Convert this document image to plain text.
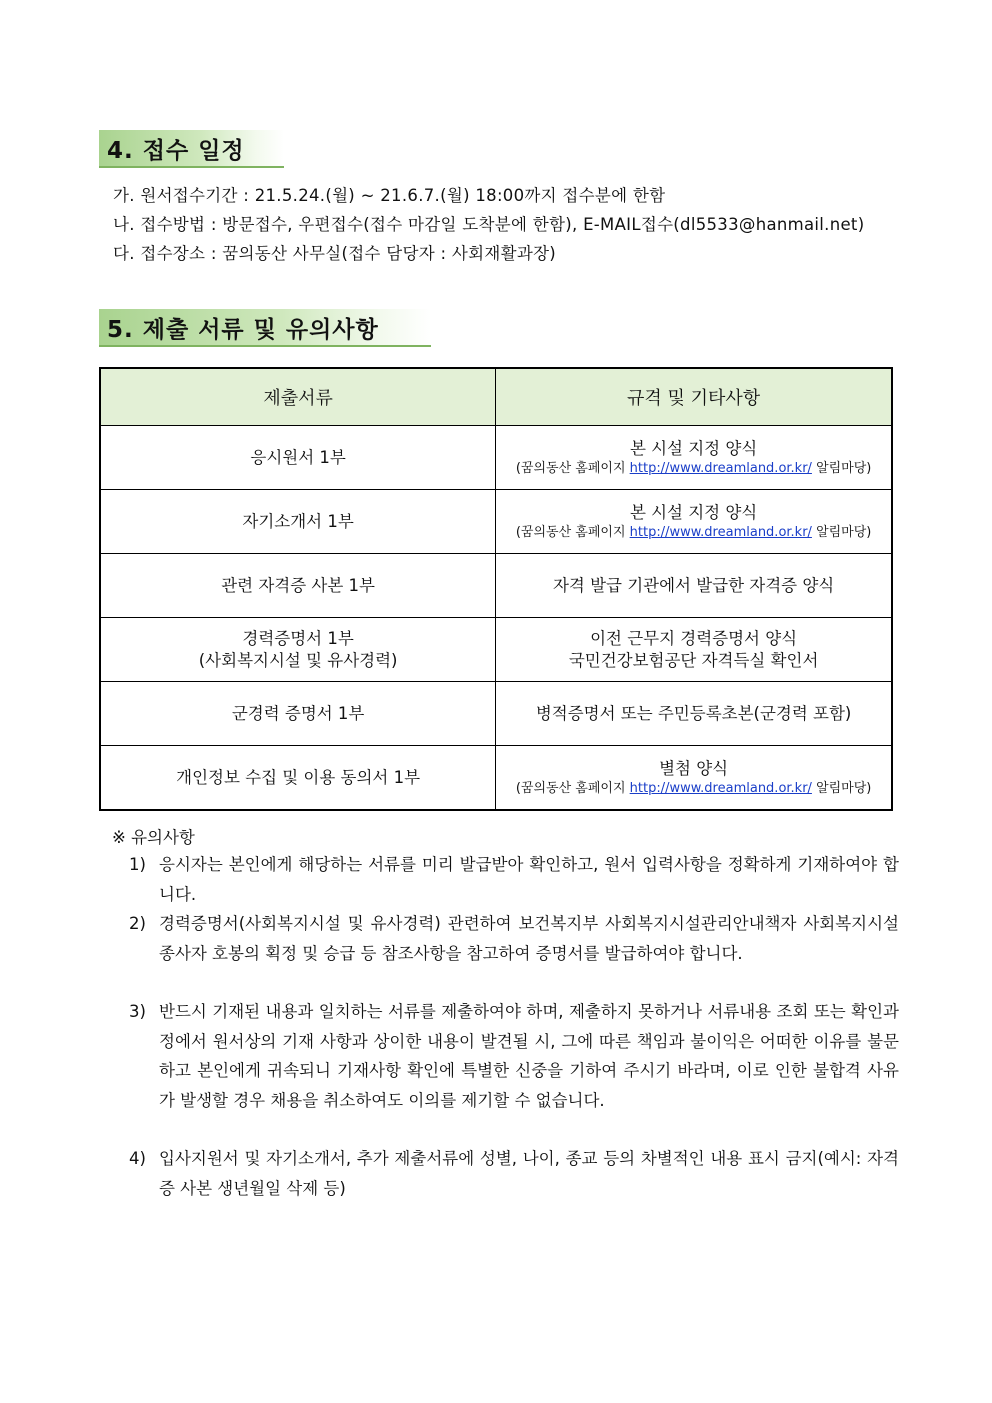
4. 접수 일정
가. 원서접수기간 : 21.5.24.(월) ~ 21.6.7.(월) 18:00까지 접수분에 한함
나. 접수방법 : 방문접수, 우편접수(접수 마감일 도착분에 한함), E-MAIL접수(dl5533@hanmail.net)
다. 접수장소 : 꿈의동산 사무실(접수 담당자 : 사회재활과장)
5. 제출 서류 및 유의사항
제출서류	규격 및 기타사항
응시원서 1부	본 시설 지정 양식
(꿈의동산 홈페이지 http://www.dreamland.or.kr/ 알림마당)

자기소개서 1부	본 시설 지정 양식
(꿈의동산 홈페이지 http://www.dreamland.or.kr/ 알림마당)

관련 자격증 사본 1부	자격 발급 기관에서 발급한 자격증 양식

경력증명서 1부
(사회복지시설 및 유사경력)	이전 근무지 경력증명서 양식
국민건강보험공단 자격득실 확인서

군경력 증명서 1부	병적증명서 또는 주민등록초본(군경력 포함)
개인정보 수집 및 이용 동의서 1부	별첨 양식
(꿈의동산 홈페이지 http://www.dreamland.or.kr/ 알림마당)
※ 유의사항
1) 응시자는 본인에게 해당하는 서류를 미리 발급받아 확인하고, 원서 입력사항을 정확하게 기재하여야 합니다.
2) 경력증명서(사회복지시설 및 유사경력) 관련하여 보건복지부 사회복지시설관리안내책자 사회복지시설 종사자 호봉의 획정 및 승급 등 참조사항을 참고하여 증명서를 발급하여야 합니다.
3) 반드시 기재된 내용과 일치하는 서류를 제출하여야 하며, 제출하지 못하거나 서류내용 조회 또는 확인과정에서 원서상의 기재 사항과 상이한 내용이 발견될 시, 그에 따른 책임과 불이익은 어떠한 이유를 불문하고 본인에게 귀속되니 기재사항 확인에 특별한 신중을 기하여 주시기 바라며, 이로 인한 불합격 사유가 발생할 경우 채용을 취소하여도 이의를 제기할 수 없습니다.
4) 입사지원서 및 자기소개서, 추가 제출서류에 성별, 나이, 종교 등의 차별적인 내용 표시 금지(예시: 자격증 사본 생년월일 삭제 등)
